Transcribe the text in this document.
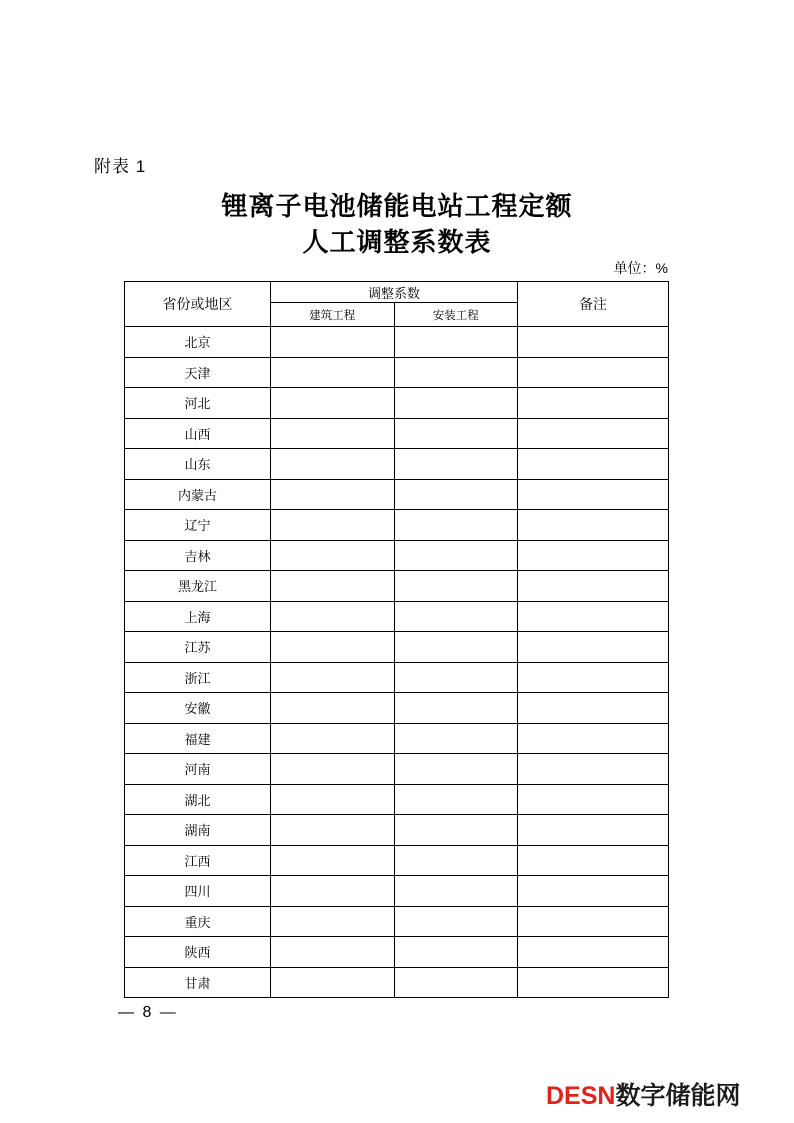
附表 1
锂离子电池储能电站工程定额
人工调整系数表
单位：%
省份或地区	调整系数		备注
	建筑工程	安装工程	
北京			
天津			
河北			
山西			
山东			
内蒙古			
辽宁			
吉林			
黑龙江			
上海			
江苏			
浙江			
安徽			
福建			
河南			
湖北			
湖南			
江西			
四川			
重庆			
陕西			
甘肃			
— 8 —
DESN数字储能网
